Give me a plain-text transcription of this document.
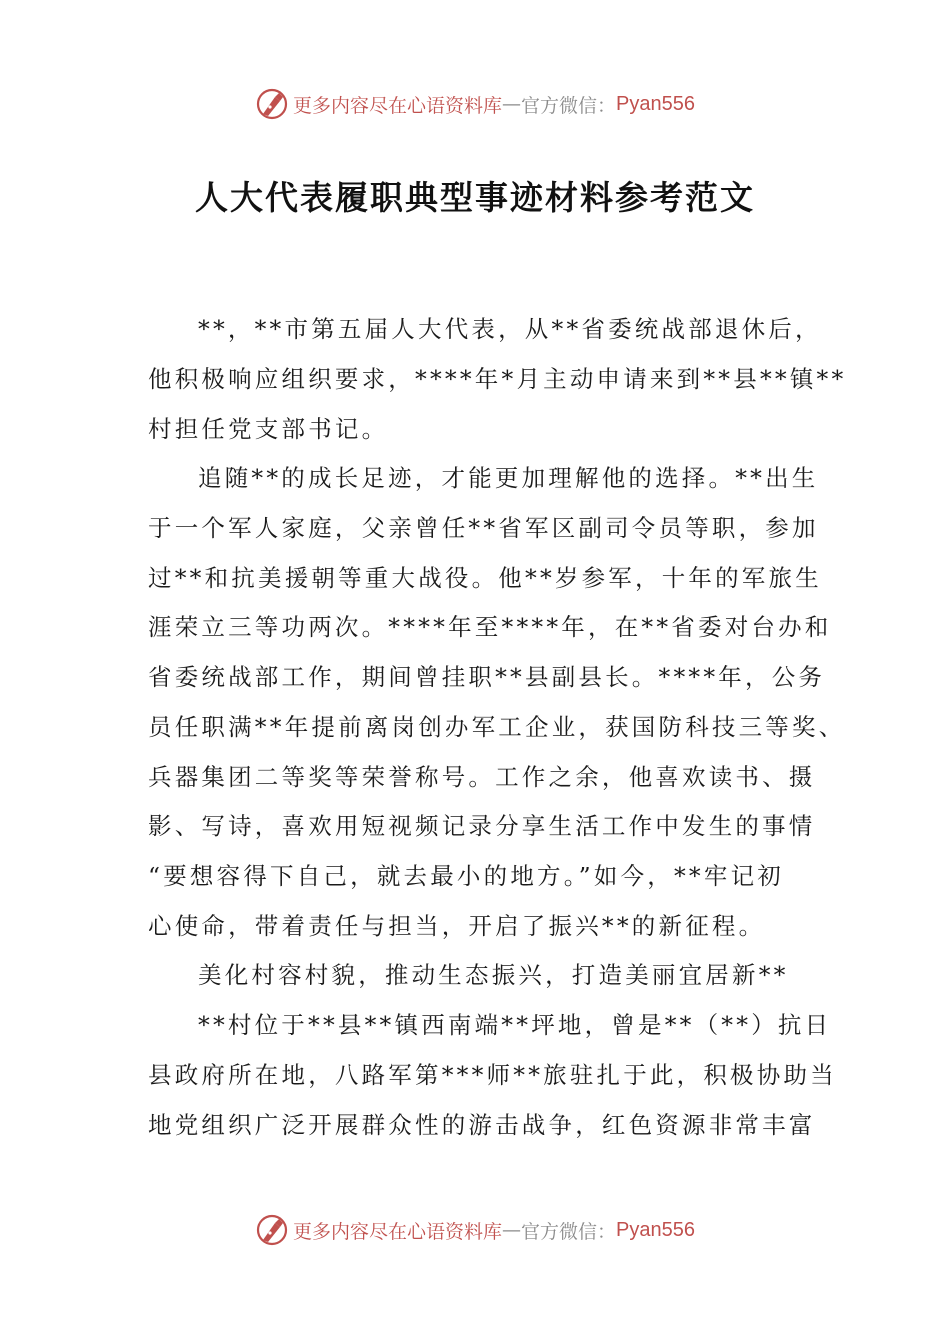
更多内容尽在心语资料库 — 官方微信： Pyan556
人大代表履职典型事迹材料参考范文
**，**市第五届人大代表，从**省委统战部退休后，
他积极响应组织要求，****年*月主动申请来到**县**镇**
村担任党支部书记。
追随**的成长足迹，才能更加理解他的选择。**出生
于一个军人家庭，父亲曾任**省军区副司令员等职，参加
过**和抗美援朝等重大战役。他**岁参军，十年的军旅生
涯荣立三等功两次。****年至****年，在**省委对台办和
省委统战部工作，期间曾挂职**县副县长。****年，公务
员任职满**年提前离岗创办军工企业，获国防科技三等奖、
兵器集团二等奖等荣誉称号。工作之余，他喜欢读书、摄
影、写诗，喜欢用短视频记录分享生活工作中发生的事情
“要想容得下自己，就去最小的地方。”如今，**牢记初
心使命，带着责任与担当，开启了振兴**的新征程。
美化村容村貌，推动生态振兴，打造美丽宜居新**
**村位于**县**镇西南端**坪地，曾是**（**）抗日
县政府所在地，八路军第***师**旅驻扎于此，积极协助当
地党组织广泛开展群众性的游击战争，红色资源非常丰富
更多内容尽在心语资料库 — 官方微信： Pyan556
